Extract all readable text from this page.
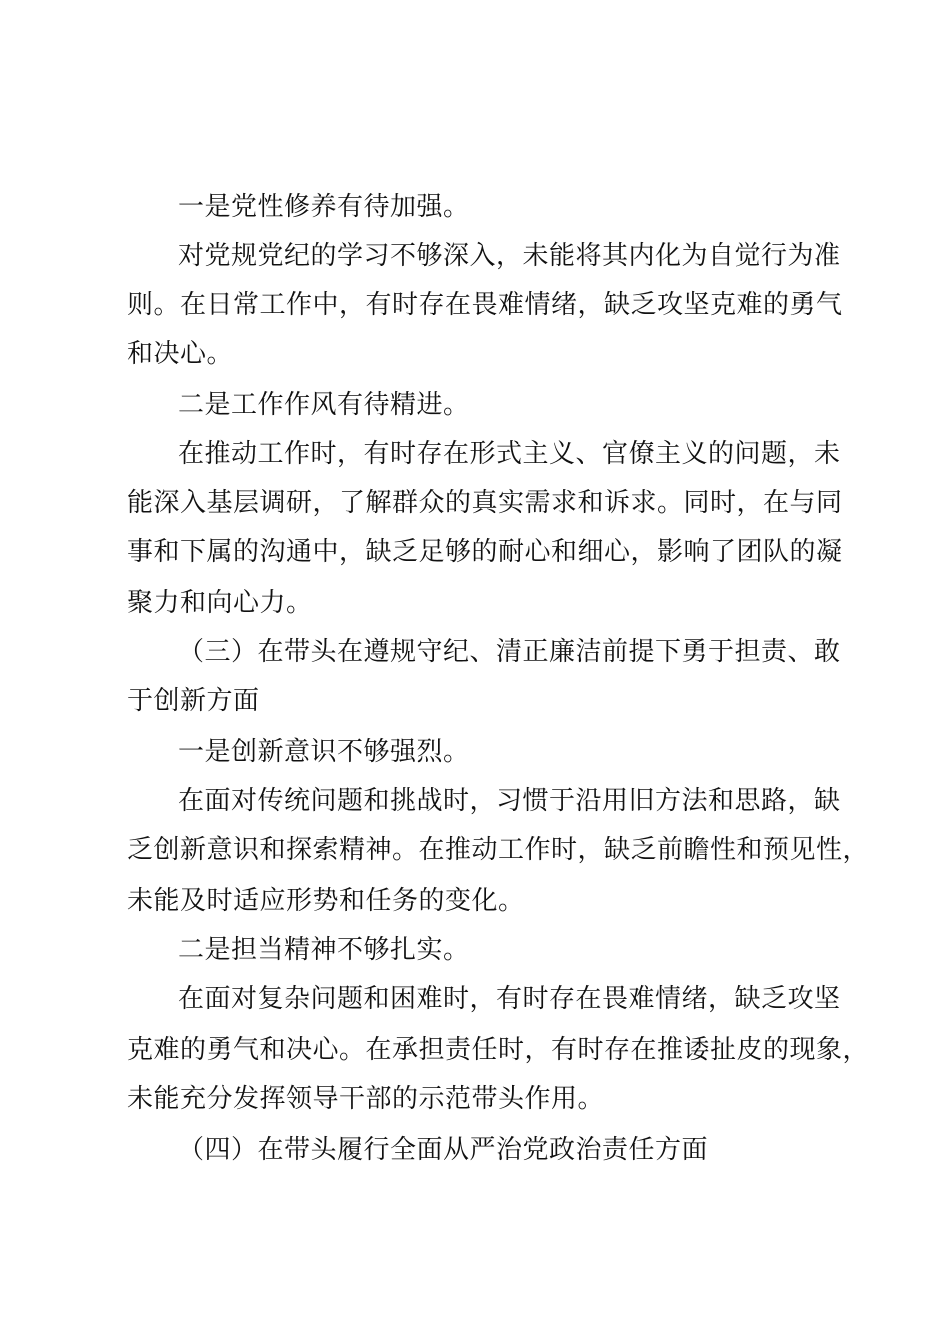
一是党性修养有待加强。
对党规党纪的学习不够深入，未能将其内化为自觉行为准
则。在日常工作中，有时存在畏难情绪，缺乏攻坚克难的勇气
和决心。
二是工作作风有待精进。
在推动工作时，有时存在形式主义、官僚主义的问题，未
能深入基层调研，了解群众的真实需求和诉求。同时，在与同
事和下属的沟通中，缺乏足够的耐心和细心，影响了团队的凝
聚力和向心力。
（三）在带头在遵规守纪、清正廉洁前提下勇于担责、敢
于创新方面
一是创新意识不够强烈。
在面对传统问题和挑战时，习惯于沿用旧方法和思路，缺
乏创新意识和探索精神。在推动工作时，缺乏前瞻性和预见性，
未能及时适应形势和任务的变化。
二是担当精神不够扎实。
在面对复杂问题和困难时，有时存在畏难情绪，缺乏攻坚
克难的勇气和决心。在承担责任时，有时存在推诿扯皮的现象，
未能充分发挥领导干部的示范带头作用。
（四）在带头履行全面从严治党政治责任方面
